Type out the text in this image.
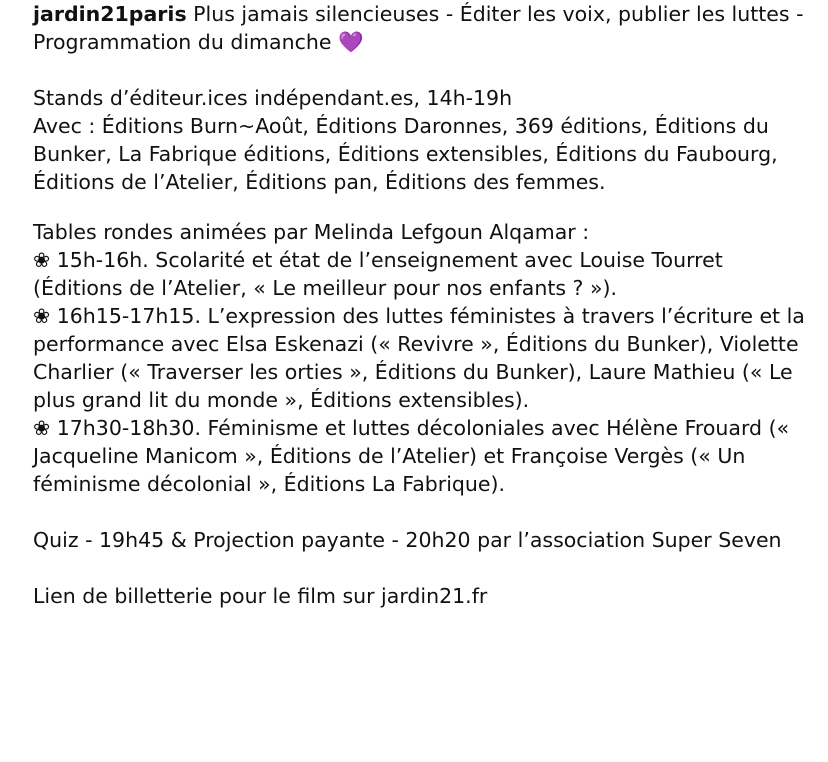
jardin21paris Plus jamais silencieuses - Éditer les voix, publier les luttes - Programmation du dimanche 💜

Stands d’éditeur.ices indépendant.es, 14h-19h

Avec : Éditions Burn~Août, Éditions Daronnes, 369 éditions, Éditions du Bunker, La Fabrique éditions, Éditions extensibles, Éditions du Faubourg, Éditions de l’Atelier, Éditions pan, Éditions des femmes.

Tables rondes animées par Melinda Lefgoun Alqamar :

❀ 15h-16h. Scolarité et état de l’enseignement avec Louise Tourret (Éditions de l’Atelier, « Le meilleur pour nos enfants ? »).

❀ 16h15-17h15. L’expression des luttes féministes à travers l’écriture et la performance avec Elsa Eskenazi (« Revivre », Éditions du Bunker), Violette Charlier (« Traverser les orties », Éditions du Bunker), Laure Mathieu (« Le plus grand lit du monde », Éditions extensibles).

❀ 17h30-18h30. Féminisme et luttes décoloniales avec Hélène Frouard (« Jacqueline Manicom », Éditions de l’Atelier) et Françoise Vergès (« Un féminisme décolonial », Éditions La Fabrique).

Quiz - 19h45 & Projection payante - 20h20 par l’association Super Seven

Lien de billetterie pour le film sur jardin21.fr
